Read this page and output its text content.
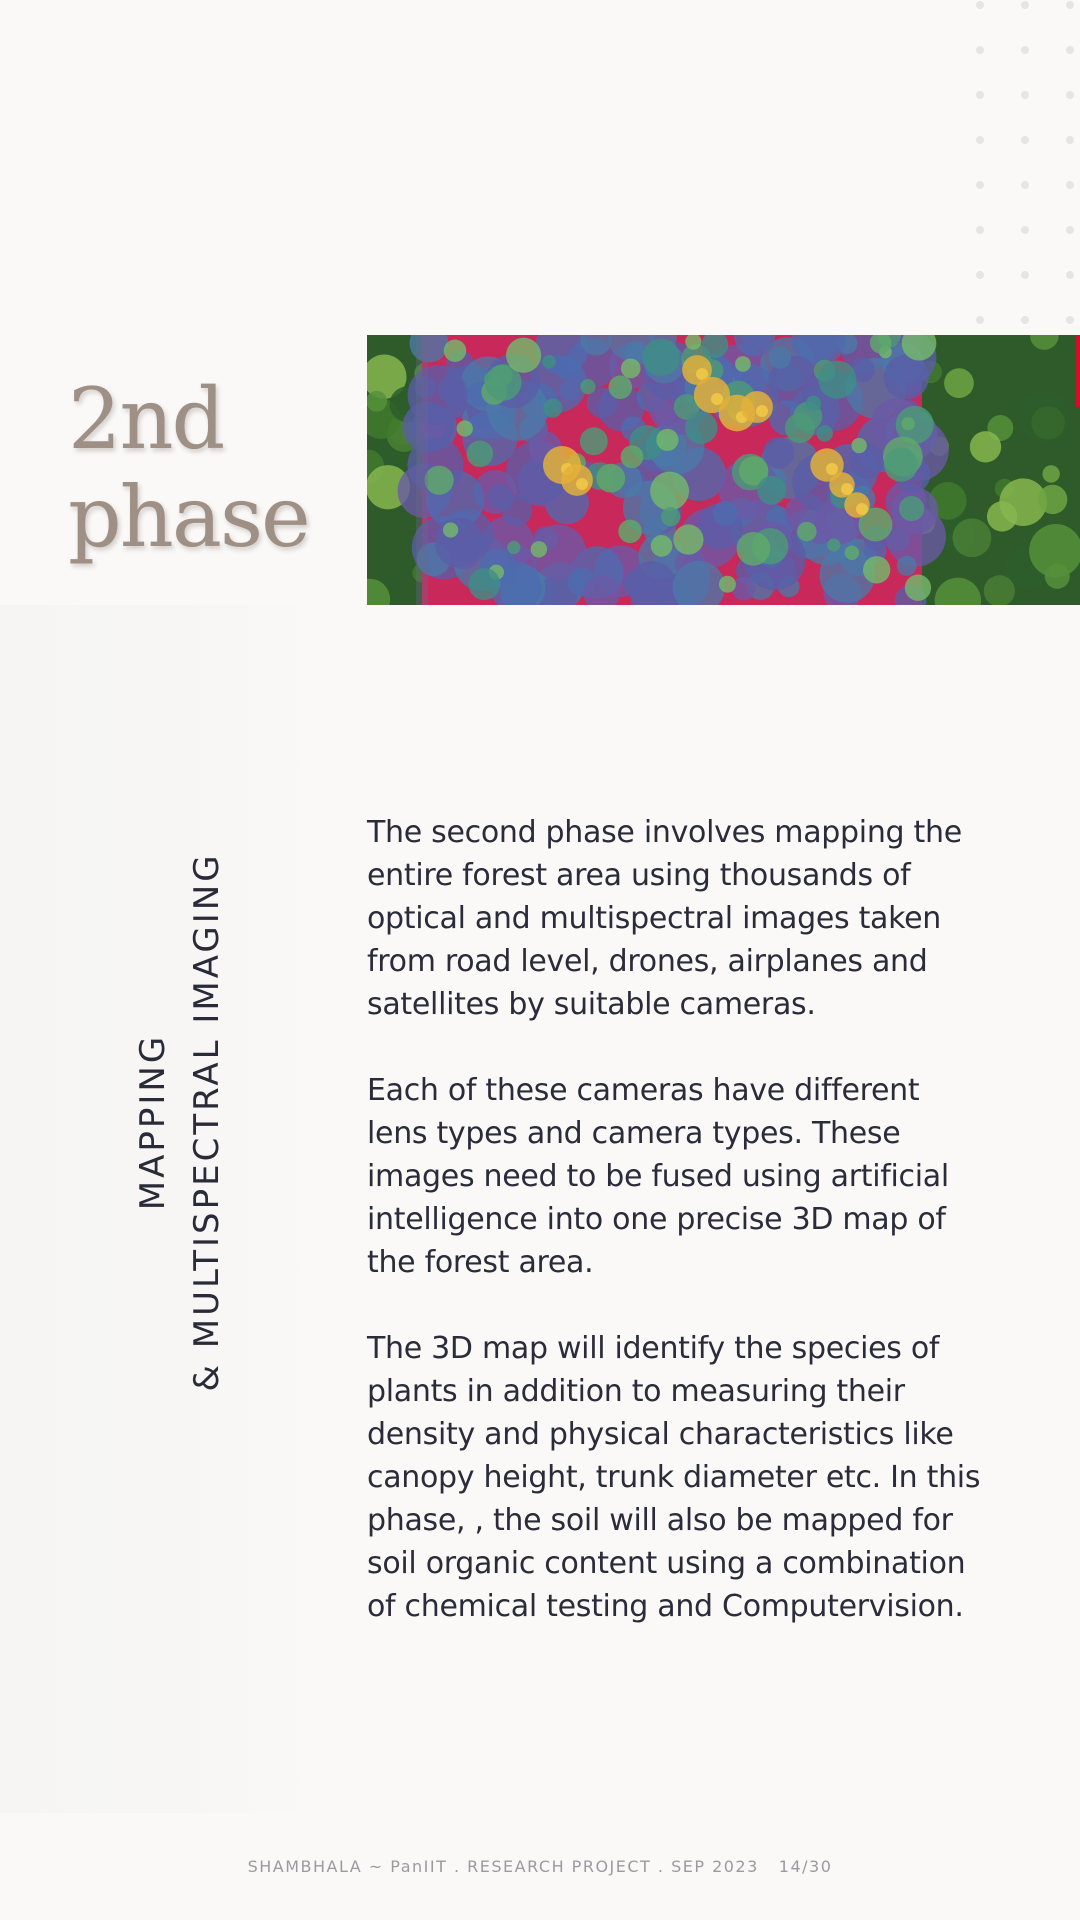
2nd
phase
MAPPING & MULTISPECTRAL IMAGING

The second phase involves mapping the entire forest area using thousands of optical and multispectral images taken from road level, drones, airplanes and satellites by suitable cameras.

Each of these cameras have different lens types and camera types. These images need to be fused using artificial intelligence into one precise 3D map of the forest area.

The 3D map will identify the species of plants in addition to measuring their density and physical characteristics like canopy height, trunk diameter etc. In this phase, , the soil will also be mapped for soil organic content using a combination of chemical testing and Computervision.

SHAMBHALA ~ PanIIT . RESEARCH PROJECT . SEP 2023 14/30
